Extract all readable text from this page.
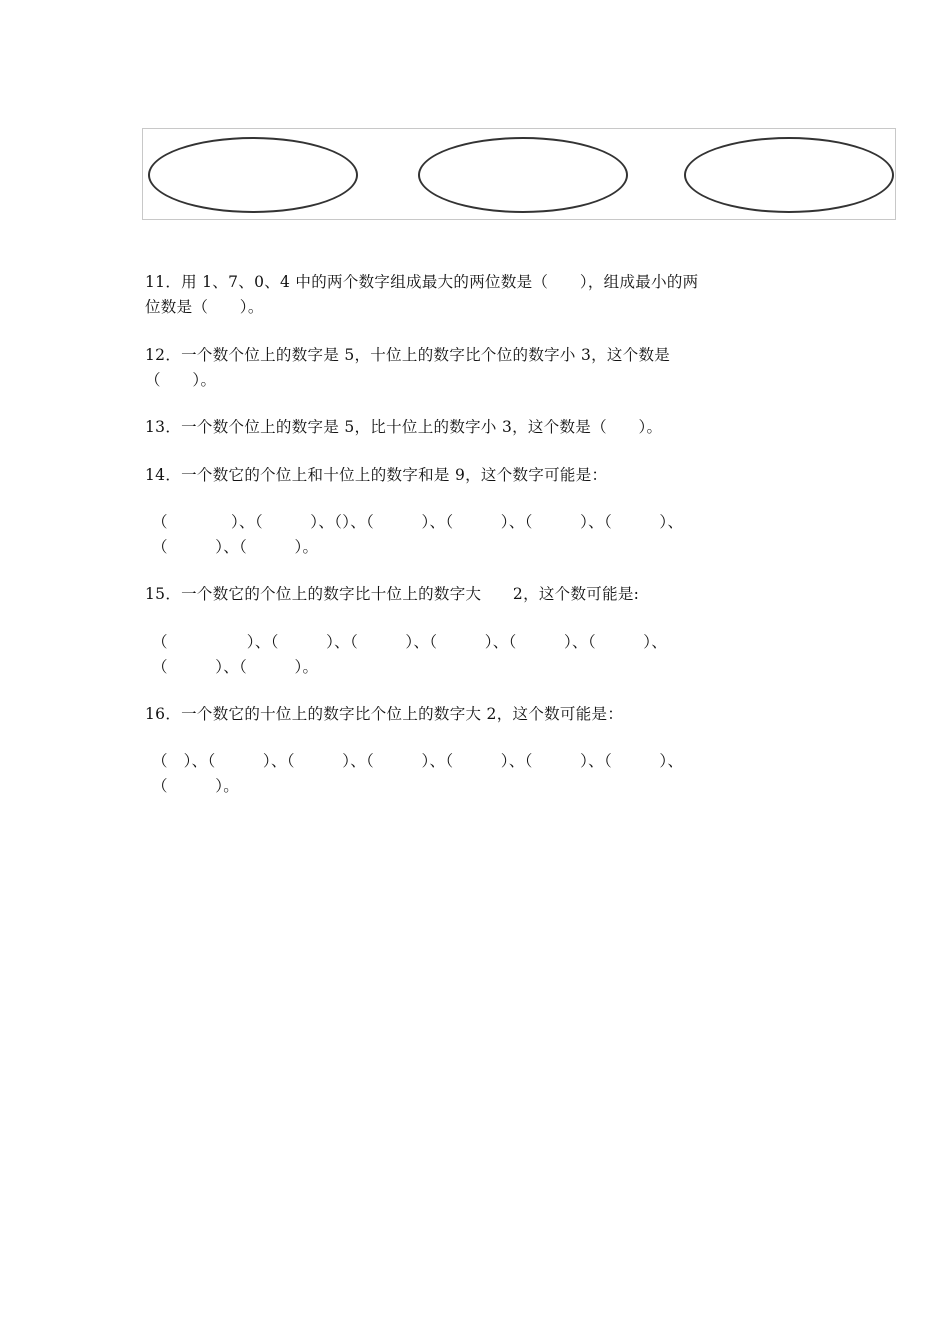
11．用 1、7、0、4 中的两个数字组成最大的两位数是（　　），组成最小的两
位数是（　　）。
12．一个数个位上的数字是 5，十位上的数字比个位的数字小 3，这个数是
（　　）。
13．一个数个位上的数字是 5，比十位上的数字小 3，这个数是（　　）。
14．一个数它的个位上和十位上的数字和是 9，这个数字可能是：
（　　　　）、（　　　）、（）、（　　　）、（　　　）、（　　　）、（　　　）、
（　　　）、（　　　）。
15．一个数它的个位上的数字比十位上的数字大　　2，这个数可能是:
（　　　　　）、（　　　）、（　　　）、（　　　）、（　　　）、（　　　）、
（　　　）、（　　　）。
16．一个数它的十位上的数字比个位上的数字大 2，这个数可能是：
（　）、（　　　）、（　　　）、（　　　）、（　　　）、（　　　）、（　　　）、
（　　　）。
